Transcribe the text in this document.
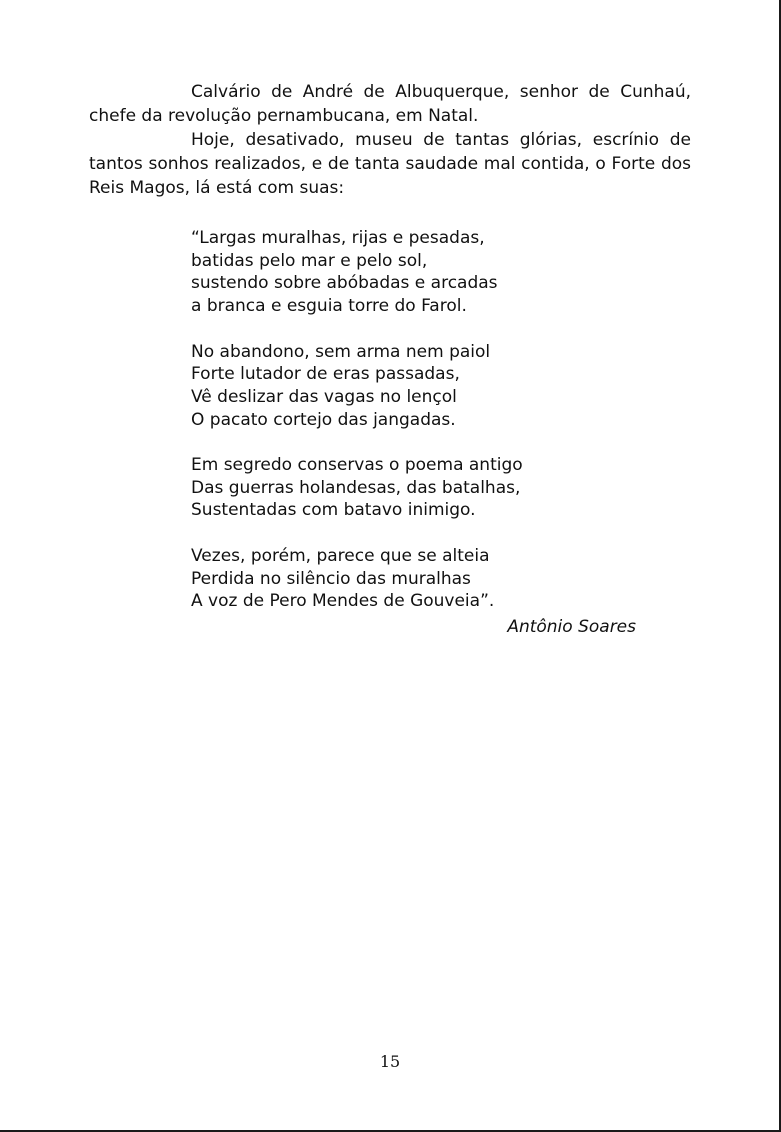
Calvário de André de Albuquerque, senhor de Cunhaú, chefe da revolução pernambucana, em Natal.

Hoje, desativado, museu de tantas glórias, escrínio de tantos sonhos realizados, e de tanta saudade mal contida, o Forte dos Reis Magos, lá está com suas:

“Largas muralhas, rijas e pesadas,
batidas pelo mar e pelo sol,
sustendo sobre abóbadas e arcadas
a branca e esguia torre do Farol.
No abandono, sem arma nem paiol
Forte lutador de eras passadas,
Vê deslizar das vagas no lençol
O pacato cortejo das jangadas.
Em segredo conservas o poema antigo
Das guerras holandesas, das batalhas,
Sustentadas com batavo inimigo.
Vezes, porém, parece que se alteia
Perdida no silêncio das muralhas
A voz de Pero Mendes de Gouveia”.
Antônio Soares
15
